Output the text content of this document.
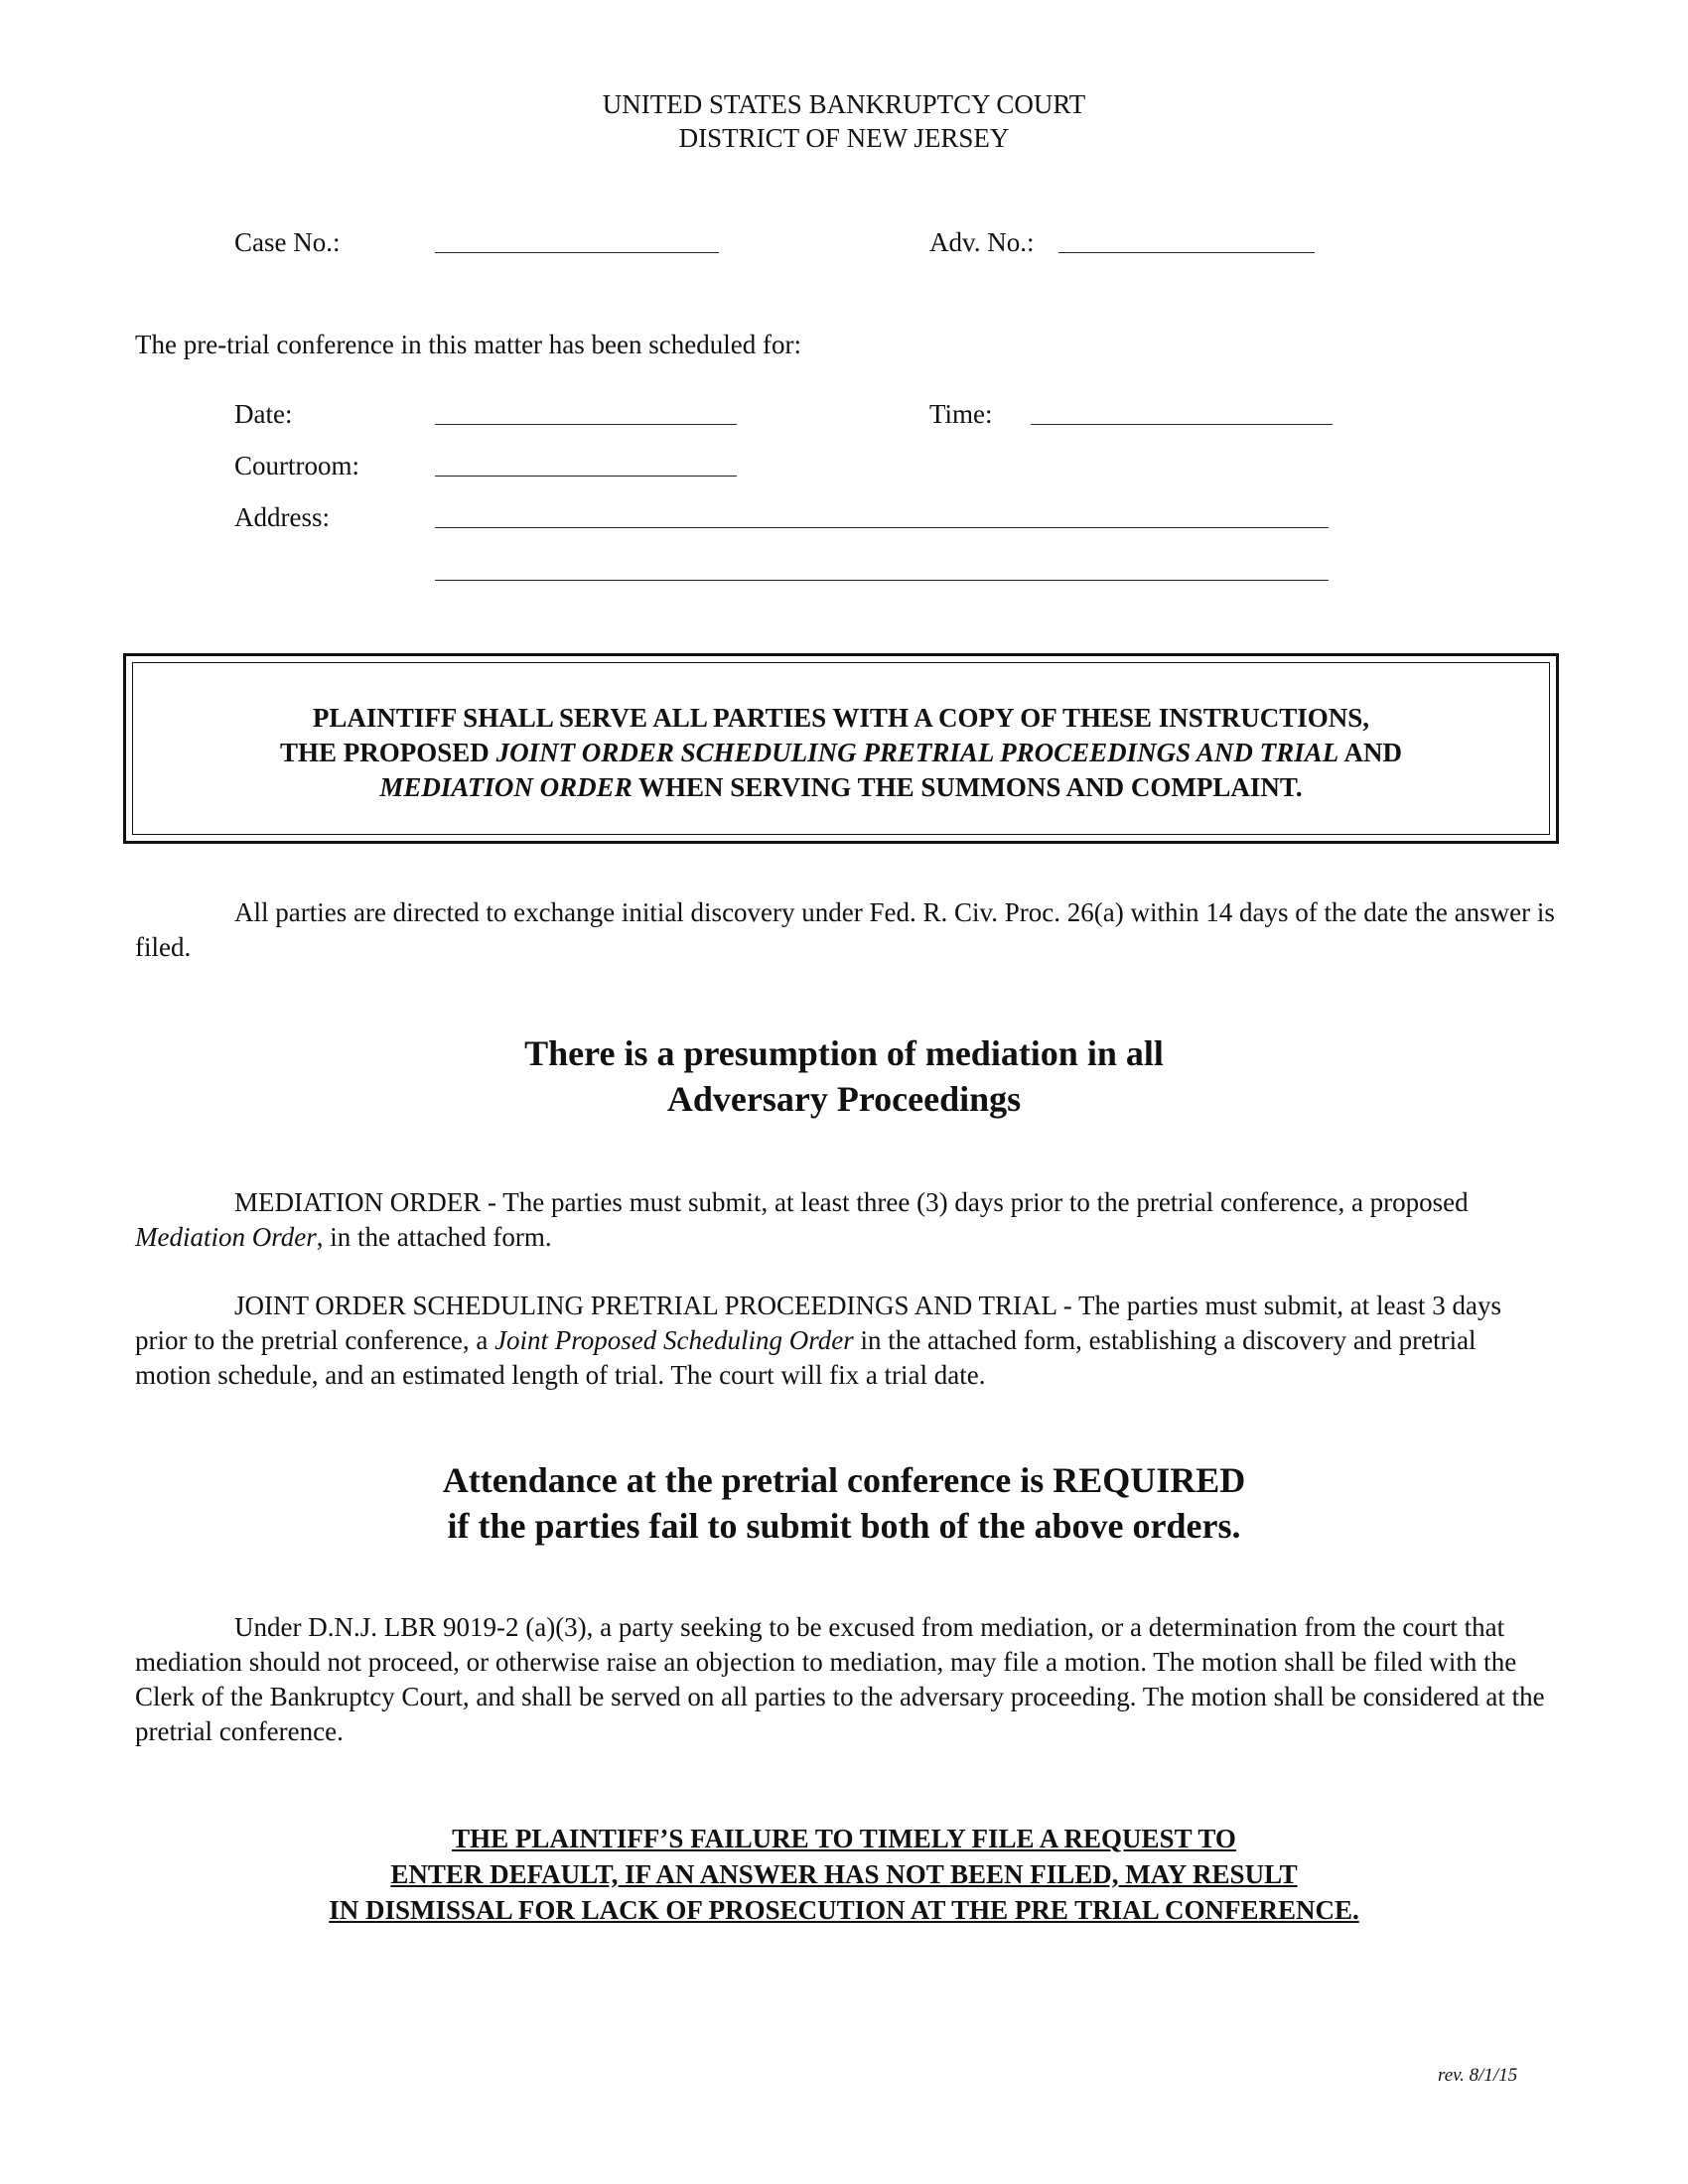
UNITED STATES BANKRUPTCY COURT
DISTRICT OF NEW JERSEY
Case No.:	Adv. No.:
The pre-trial conference in this matter has been scheduled for:
Date:	Time:
Courtroom:
Address:
PLAINTIFF SHALL SERVE ALL PARTIES WITH A COPY OF THESE INSTRUCTIONS,
THE PROPOSED JOINT ORDER SCHEDULING PRETRIAL PROCEEDINGS AND TRIAL AND
MEDIATION ORDER WHEN SERVING THE SUMMONS AND COMPLAINT.
All parties are directed to exchange initial discovery under Fed. R. Civ. Proc. 26(a) within 14 days of the date the answer is filed.
There is a presumption of mediation in all
Adversary Proceedings
MEDIATION ORDER - The parties must submit, at least three (3) days prior to the pretrial conference, a proposed Mediation Order, in the attached form.
JOINT ORDER SCHEDULING PRETRIAL PROCEEDINGS AND TRIAL - The parties must submit, at least 3 days prior to the pretrial conference, a Joint Proposed Scheduling Order in the attached form, establishing a discovery and pretrial motion schedule, and an estimated length of trial. The court will fix a trial date.
Attendance at the pretrial conference is REQUIRED
if the parties fail to submit both of the above orders.
Under D.N.J. LBR 9019-2 (a)(3), a party seeking to be excused from mediation, or a determination from the court that mediation should not proceed, or otherwise raise an objection to mediation, may file a motion. The motion shall be filed with the Clerk of the Bankruptcy Court, and shall be served on all parties to the adversary proceeding. The motion shall be considered at the pretrial conference.
THE PLAINTIFF’S FAILURE TO TIMELY FILE A REQUEST TO
ENTER DEFAULT, IF AN ANSWER HAS NOT BEEN FILED, MAY RESULT
IN DISMISSAL FOR LACK OF PROSECUTION AT THE PRE TRIAL CONFERENCE.
rev. 8/1/15
